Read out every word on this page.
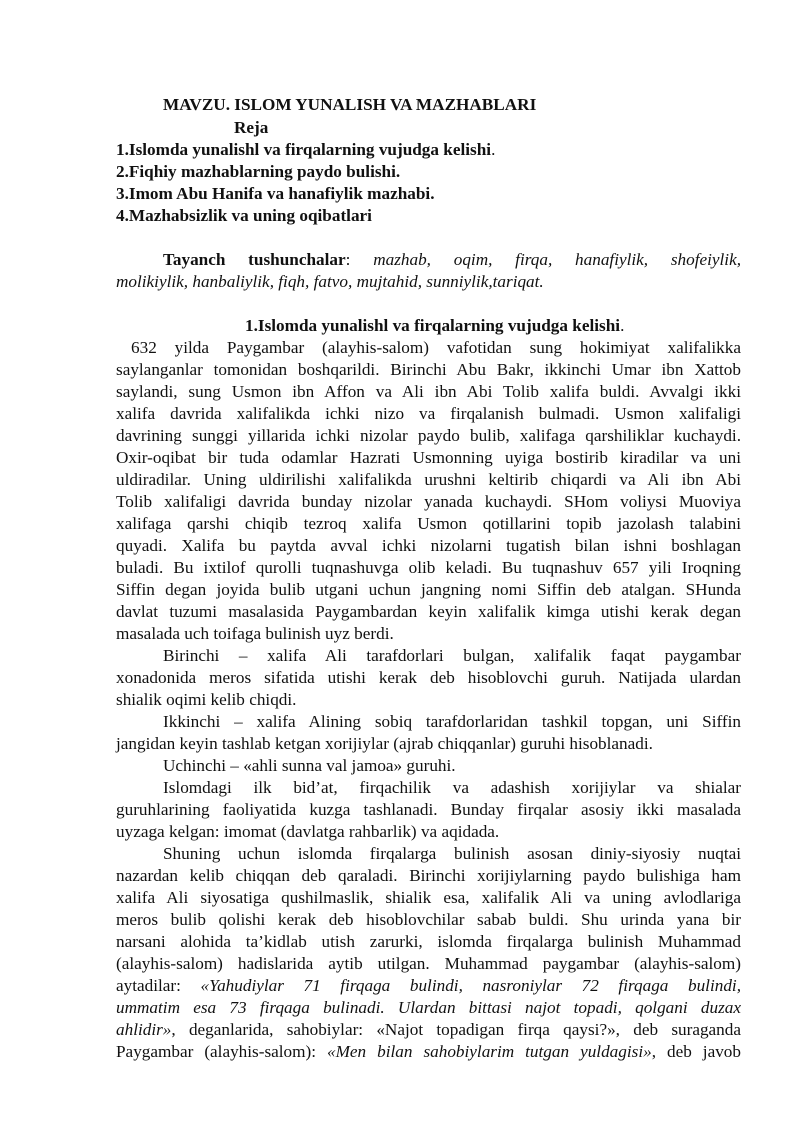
MAVZU. ISLOM YUNALISH VA MAZHABLARI
Reja
1.Islomda yunalishl va firqalarning vujudga kelishi.
2.Fiqhiy mazhablarning paydo bulishi.
3.Imom Abu Hanifa va hanafiylik mazhabi.
4.Mazhabsizlik va uning oqibatlari
Tayanch tushunchalar: mazhab, oqim, firqa, hanafiylik, shofeiylik,
molikiylik, hanbaliylik, fiqh, fatvo, mujtahid, sunniylik,tariqat.
1.Islomda yunalishl va firqalarning vujudga kelishi.
632 yilda Paygambar (alayhis-salom) vafotidan sung hokimiyat xalifalikka
saylanganlar tomonidan boshqarildi. Birinchi Abu Bakr, ikkinchi Umar ibn Xattob
saylandi, sung Usmon ibn Affon va Ali ibn Abi Tolib xalifa buldi. Avvalgi ikki
xalifa davrida xalifalikda ichki nizo va firqalanish bulmadi. Usmon xalifaligi
davrining sunggi yillarida ichki nizolar paydo bulib, xalifaga qarshiliklar kuchaydi.
Oxir-oqibat bir tuda odamlar Hazrati Usmonning uyiga bostirib kiradilar va uni
uldiradilar. Uning uldirilishi xalifalikda urushni keltirib chiqardi va Ali ibn Abi
Tolib xalifaligi davrida bunday nizolar yanada kuchaydi. SHom voliysi Muoviya
xalifaga qarshi chiqib tezroq xalifa Usmon qotillarini topib jazolash talabini
quyadi. Xalifa bu paytda avval ichki nizolarni tugatish bilan ishni boshlagan
buladi. Bu ixtilof qurolli tuqnashuvga olib keladi. Bu tuqnashuv 657 yili Iroqning
Siffin degan joyida bulib utgani uchun jangning nomi Siffin deb atalgan. SHunda
davlat tuzumi masalasida Paygambardan keyin xalifalik kimga utishi kerak degan
masalada uch toifaga bulinish uyz berdi.
Birinchi – xalifa Ali tarafdorlari bulgan, xalifalik faqat paygambar
xonadonida meros sifatida utishi kerak deb hisoblovchi guruh. Natijada ulardan
shialik oqimi kelib chiqdi.
Ikkinchi – xalifa Alining sobiq tarafdorlaridan tashkil topgan, uni Siffin
jangidan keyin tashlab ketgan xorijiylar (ajrab chiqqanlar) guruhi hisoblanadi.
Uchinchi – «ahli sunna val jamoa» guruhi.
Islomdagi ilk bid’at, firqachilik va adashish xorijiylar va shialar
guruhlarining faoliyatida kuzga tashlanadi. Bunday firqalar asosiy ikki masalada
uyzaga kelgan: imomat (davlatga rahbarlik) va aqidada.
Shuning uchun islomda firqalarga bulinish asosan diniy-siyosiy nuqtai
nazardan kelib chiqqan deb qaraladi. Birinchi xorijiylarning paydo bulishiga ham
xalifa Ali siyosatiga qushilmaslik, shialik esa, xalifalik Ali va uning avlodlariga
meros bulib qolishi kerak deb hisoblovchilar sabab buldi. Shu urinda yana bir
narsani alohida ta’kidlab utish zarurki, islomda firqalarga bulinish Muhammad
(alayhis-salom) hadislarida aytib utilgan. Muhammad paygambar (alayhis-salom)
aytadilar: «Yahudiylar 71 firqaga bulindi, nasroniylar 72 firqaga bulindi,
ummatim esa 73 firqaga bulinadi. Ulardan bittasi najot topadi, qolgani duzax
ahlidir», deganlarida, sahobiylar: «Najot topadigan firqa qaysi?», deb suraganda
Paygambar (alayhis-salom): «Men bilan sahobiylarim tutgan yuldagisi», deb javob
